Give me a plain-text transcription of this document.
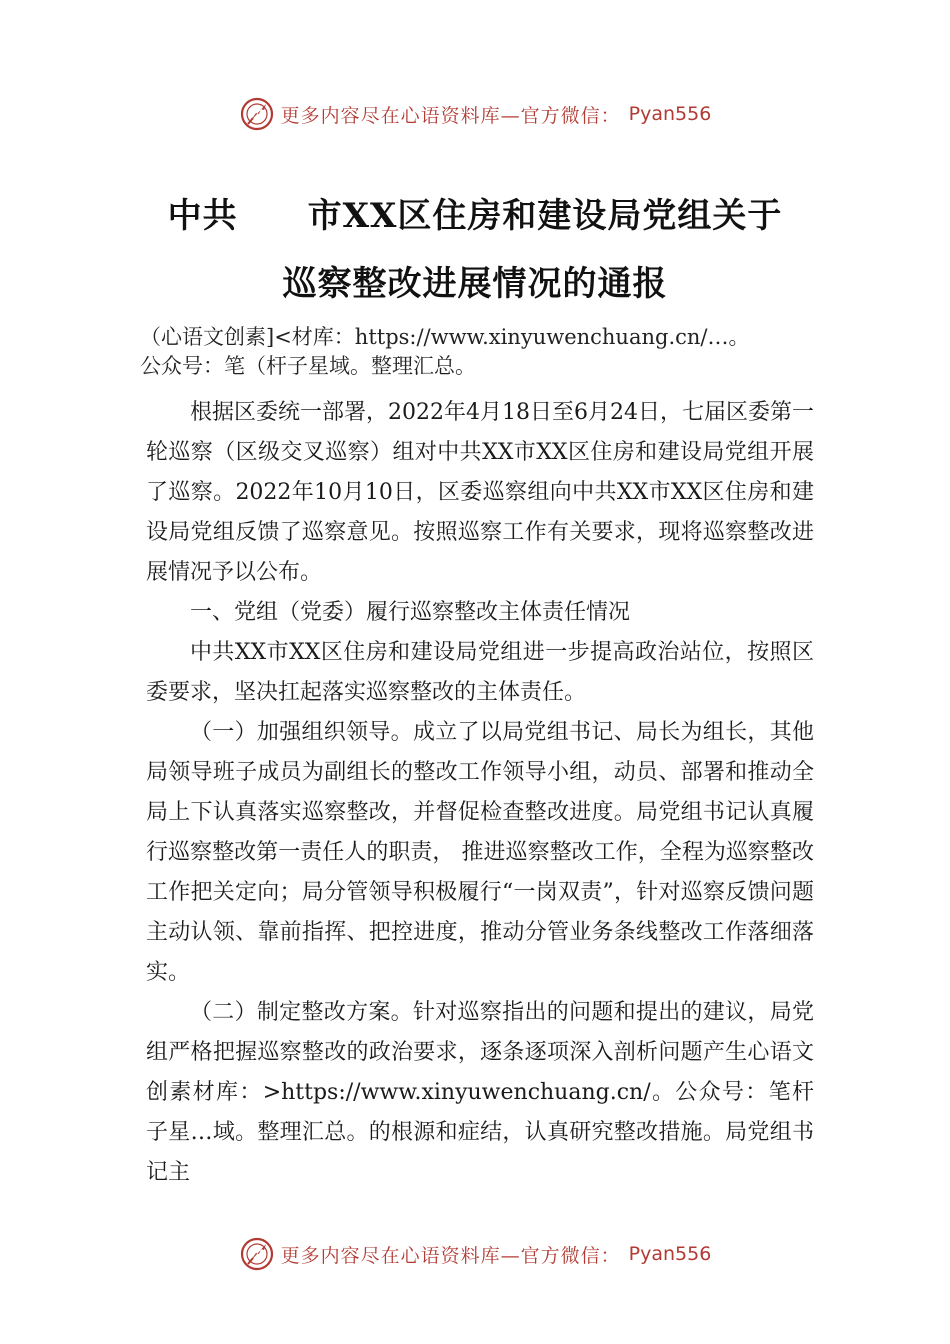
更多内容尽在心语资料库—官方微信： Pyan556
中共 市XX区住房和建设局党组关于
巡察整改进展情况的通报
（心语文创素]<材库：https://www.xinyuwenchuang.cn/…。
公众号：笔（杆子星域。整理汇总。

根据区委统一部署，2022年4月18日至6月24日，七届区委第一轮巡察（区级交叉巡察）组对中共XX市XX区住房和建设局党组开展了巡察。2022年10月10日，区委巡察组向中共XX市XX区住房和建设局党组反馈了巡察意见。按照巡察工作有关要求，现将巡察整改进展情况予以公布。

一、党组（党委）履行巡察整改主体责任情况

中共XX市XX区住房和建设局党组进一步提高政治站位，按照区委要求，坚决扛起落实巡察整改的主体责任。

（一）加强组织领导。成立了以局党组书记、局长为组长，其他局领导班子成员为副组长的整改工作领导小组，动员、部署和推动全局上下认真落实巡察整改，并督促检查整改进度。局党组书记认真履行巡察整改第一责任人的职责， 推进巡察整改工作，全程为巡察整改工作把关定向；局分管领导积极履行“一岗双责”，针对巡察反馈问题主动认领、靠前指挥、把控进度，推动分管业务条线整改工作落细落实。

（二）制定整改方案。针对巡察指出的问题和提出的建议，局党组严格把握巡察整改的政治要求，逐条逐项深入剖析问题产生心语文创素材库：>https://www.xinyuwenchuang.cn/。公众号：笔杆子星…域。整理汇总。的根源和症结，认真研究整改措施。局党组书记主

更多内容尽在心语资料库—官方微信： Pyan556
